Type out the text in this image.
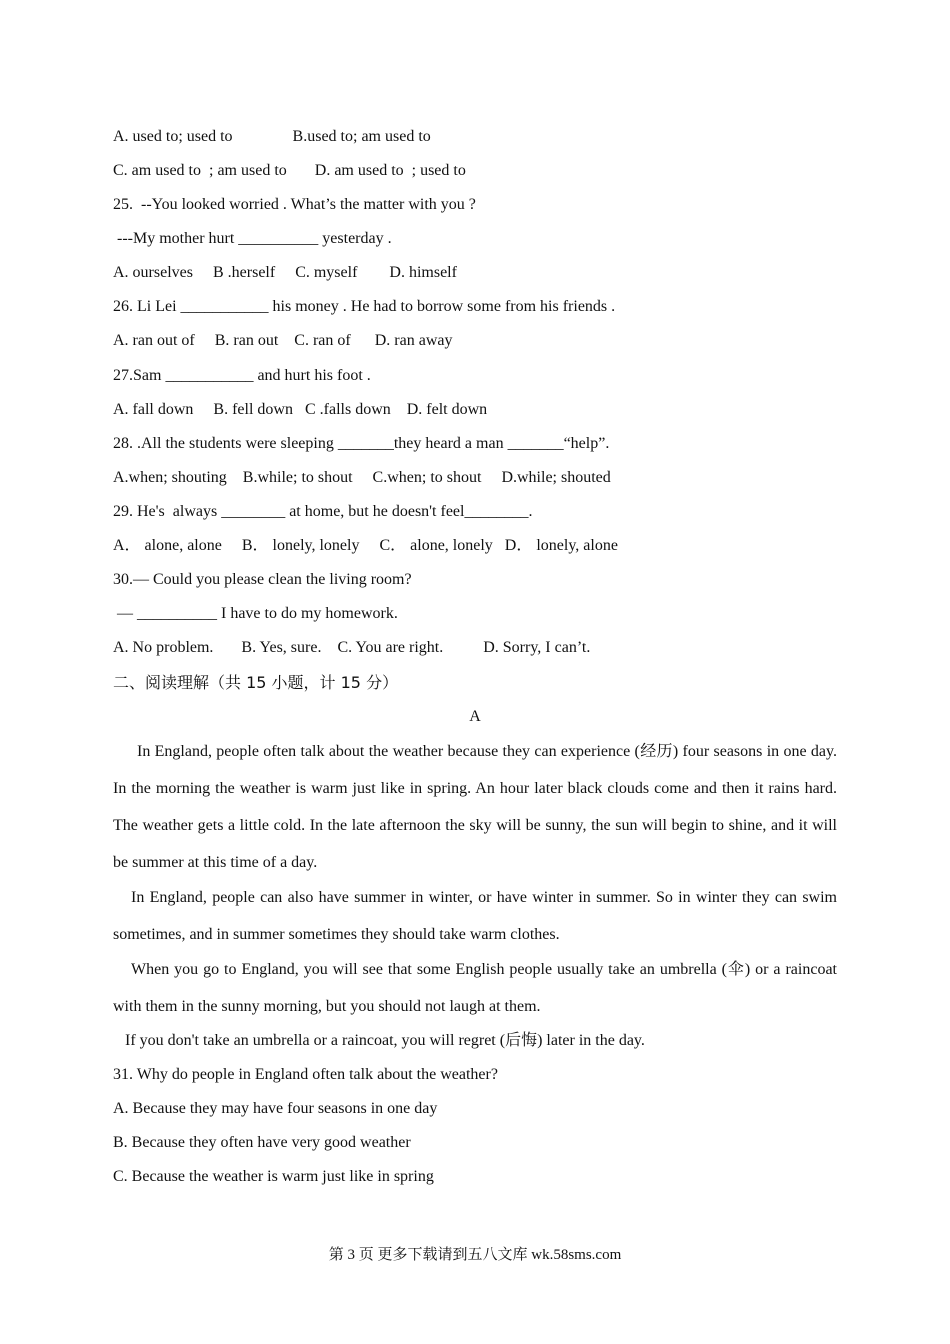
A. used to; used to               B.used to; am used to
C. am used to  ; am used to       D. am used to  ; used to
25.  --You looked worried . What’s the matter with you ?
---My mother hurt __________ yesterday .
A. ourselves     B .herself     C. myself        D. himself
26. Li Lei ___________ his money . He had to borrow some from his friends .
A. ran out of     B. ran out    C. ran of      D. ran away
27.Sam ___________ and hurt his foot .
A. fall down     B. fell down   C .falls down    D. felt down
28. .All the students were sleeping _______they heard a man _______“help”.
A.when; shouting    B.while; to shout     C.when; to shout     D.while; shouted
29. He's  always ________ at home, but he doesn't feel________.
A． alone, alone     B． lonely, lonely     C． alone, lonely   D． lonely, alone
30.— Could you please clean the living room?
— __________ I have to do my homework.
A. No problem.       B. Yes, sure.    C. You are right.          D. Sorry, I can’t.
二、阅读理解（共 15 小题，计 15 分）
A
In England, people often talk about the weather because they can experience (经历) four seasons in one day. In the morning the weather is warm just like in spring. An hour later black clouds come and then it rains hard. The weather gets a little cold. In the late afternoon the sky will be sunny, the sun will begin to shine, and it will be summer at this time of a day.
In England, people can also have summer in winter, or have winter in summer. So in winter they can swim sometimes, and in summer sometimes they should take warm clothes.
When you go to England, you will see that some English people usually take an umbrella (伞) or a raincoat with them in the sunny morning, but you should not laugh at them.
If you don't take an umbrella or a raincoat, you will regret (后悔) later in the day.
31. Why do people in England often talk about the weather?
A. Because they may have four seasons in one day
B. Because they often have very good weather
C. Because the weather is warm just like in spring
第 3 页 更多下载请到五八文库 wk.58sms.com
